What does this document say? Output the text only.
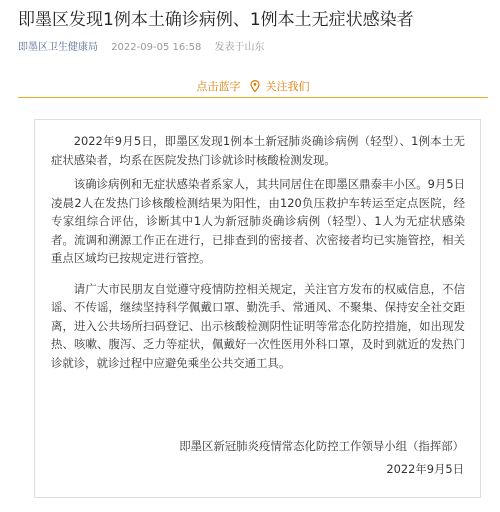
即墨区发现1例本土确诊病例、1例本土无症状感染者
即墨区卫生健康局 2022-09-05 16:58 发表于山东
点击蓝字 关注我们

2022年9月5日，即墨区发现1例本土新冠肺炎确诊病例（轻型）、1例本土无症状感染者，均系在医院发热门诊就诊时核酸检测发现。

该确诊病例和无症状感染者系家人，其共同居住在即墨区鼎泰丰小区。9月5日凌晨2人在发热门诊核酸检测结果为阳性，由120负压救护车转运至定点医院，经专家组综合评估，诊断其中1人为新冠肺炎确诊病例（轻型）、1人为无症状感染者。流调和溯源工作正在进行，已排查到的密接者、次密接者均已实施管控，相关重点区域均已按规定进行管控。

请广大市民朋友自觉遵守疫情防控相关规定，关注官方发布的权威信息，不信谣、不传谣，继续坚持科学佩戴口罩、勤洗手、常通风、不聚集、保持安全社交距离，进入公共场所扫码登记、出示核酸检测阴性证明等常态化防控措施，如出现发热、咳嗽、腹泻、乏力等症状，佩戴好一次性医用外科口罩，及时到就近的发热门诊就诊，就诊过程中应避免乘坐公共交通工具。

即墨区新冠肺炎疫情常态化防控工作领导小组（指挥部）
2022年9月5日
